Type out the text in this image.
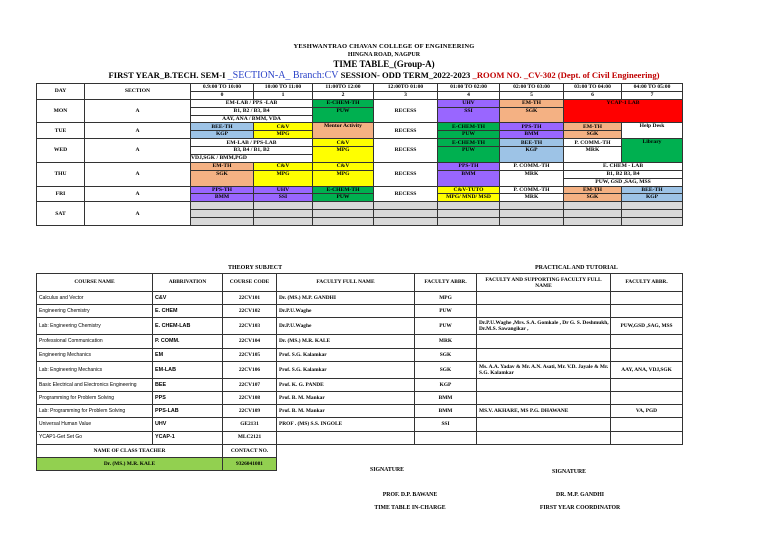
YESHWANTRAO CHAVAN COLLEGE OF ENGINEERING
HINGNA ROAD, NAGPUR
TIME TABLE_(Group-A)
FIRST YEAR_B.TECH. SEM-I _SECTION-A_ Branch:CV SESSION- ODD TERM_2022-2023 _ROOM NO. _CV-302 (Dept. of Civil Engineering)
DAY	SECTION	0.9:00 TO 10:00	10:00 TO 11:00	11:00TO 12:00	12:00TO 01:00	01:00 TO 02:00	02:00 TO 03:00	03:00 TO 04:00	04:00 TO 05:00
		0	1	2	3	4	5	6	7
MON	A	EM-LAB / PPS -LAB		E-CHEM-TH	RECESS	UHV	EM-TH	YCAP-1 LAB	
		B1, B2 / B3, B4		PUW		SSI	SGK		
		AAY, ANA / BMM, VDA							
TUE	A	BEE-TH	C&V	Mentor Activity	RECESS	E-CHEM-TH	PPS-TH	EM-TH	Help Desk
		KGP	MPG			PUW	BMM	SGK	

WED	A	EM-LAB / PPS-LAB		C&V	RECESS	E-CHEM-TH	BEE-TH	P. COMM.-TH	Library
		B3, B4 / B1, B2		MPG		PUW	KGP	MRK	
		VDJ,SGK / BMM,PGD							
THU	A	EM-TH	C&V	C&V	RECESS	PPS-TH	P. COMM.-TH	E. CHEM - LAB	
		SGK	MPG	MPG		BMM	MRK	B1, B2 B3, B4	
								PUW, GSD ,SAG, MSS	
FRI	A	PPS-TH	UHV	E-CHEM-TH	RECESS	C&V-TUTO	P. COMM.-TH	EM-TH	BEE-TH
		BMM	SSI	PUW		MPG/ MND/ MSD	MRK	SGK	KGP

SAT	A								

THEORY SUBJECT	PRACTICAL AND TUTORIAL
COURSE NAME	ABBRIVATION	COURSE CODE	FACULTY FULL NAME	FACULTY ABBR.	FACULTY AND SUPPORTING FACULTY FULL NAME	FACULTY ABBR.
Calculus and Vector	C&V	22CV101	Dr. (MS.) M.P. GANDHI	MPG		
Engineering Chemistry	E. CHEM	22CV102	Dr.P.U.Waghe	PUW		
Lab: Engineering Chemistry	E. CHEM-LAB	22CV103	Dr.P.U.Waghe	PUW	Dr.P.U.Waghe ,Mrs. S.A. Gomkale , Dr G. S. Deshmukh, Dr.M.S. Sawangikar ,	PUW,GSD ,SAG, MSS
Professional Communication	P. COMM.	22CV104	Dr. (MS.) M.R. KALE	MRK		
Engineering Mechanics	EM	22CV105	Prof. S.G. Kalamkar	SGK		
Lab: Engineering Mechanics	EM-LAB	22CV106	Prof. S.G. Kalamkar	SGK	Ms. A.A. Yadav & Mr. A.N. Asati, Mr. V.D. Jayale & Mr. S.G. Kalamkar	AAY, ANA, VDJ,SGK
Basic Electrical and Electronics Engineering	BEE	22CV107	Prof. K. G. PANDE	KGP		
Programming for Problem Solving	PPS	22CV108	Prof. B. M. Mankar	BMM		
Lab: Programming for Problem Solving	PPS-LAB	22CV109	Prof. B. M. Mankar	BMM	MS.V. AKHARE, MS P.G. DHAWANE	VA, PGD
Universal Human Value	UHV	GE2131	PROF . (MS) S.S. INGOLE	SSI		
YCAP1-Get Set Go	YCAP-1	MLC2121				
NAME OF CLASS TEACHER		CONTACT NO.				
Dr. (MS.) M.R. KALE		9326041081				
SIGNATURE	SIGNATURE
PROF. D.P. BAWANE
TIME TABLE IN-CHARGE
DR. M.P. GANDHI
FIRST YEAR COORDINATOR
